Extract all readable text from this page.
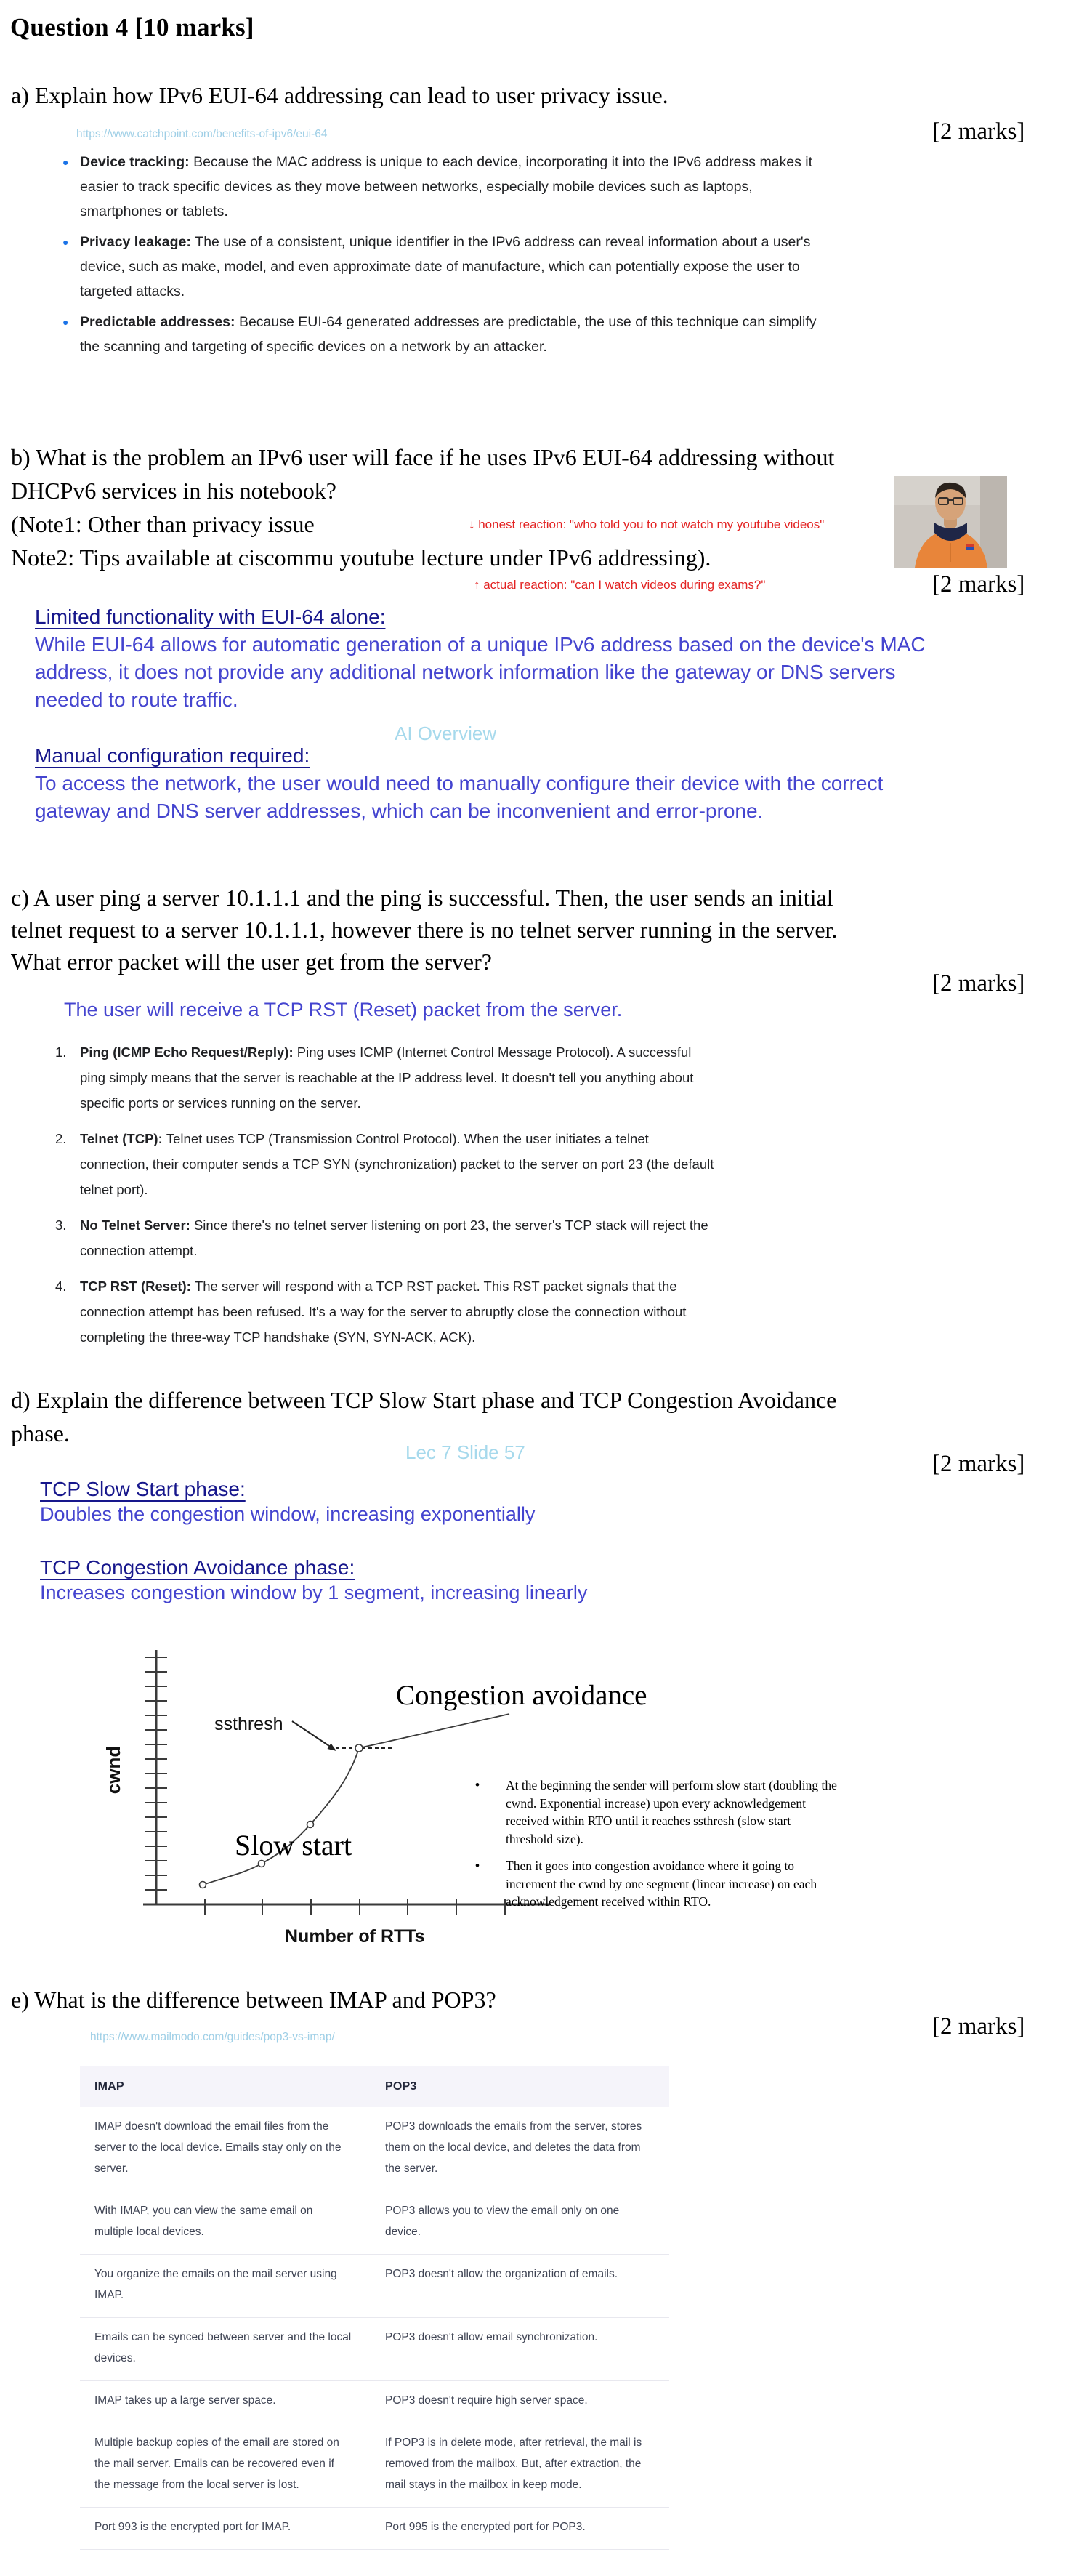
Question 4 [10 marks]
a) Explain how IPv6 EUI-64 addressing can lead to user privacy issue.
https://www.catchpoint.com/benefits-of-ipv6/eui-64	[2 marks]
● Device tracking: Because the MAC address is unique to each device, incorporating it into the IPv6 address makes it easier to track specific devices as they move between networks, especially mobile devices such as laptops, smartphones or tablets.
● Privacy leakage: The use of a consistent, unique identifier in the IPv6 address can reveal information about a user's device, such as make, model, and even approximate date of manufacture, which can potentially expose the user to targeted attacks.
● Predictable addresses: Because EUI-64 generated addresses are predictable, the use of this technique can simplify the scanning and targeting of specific devices on a network by an attacker.
b) What is the problem an IPv6 user will face if he uses IPv6 EUI-64 addressing without
DHCPv6 services in his notebook?
(Note1: Other than privacy issue
Note2: Tips available at ciscommu youtube lecture under IPv6 addressing).
↓ honest reaction: "who told you to not watch my youtube videos"
↑ actual reaction: "can I watch videos during exams?"	[2 marks]
Limited functionality with EUI-64 alone:
While EUI-64 allows for automatic generation of a unique IPv6 address based on the device's MAC address, it does not provide any additional network information like the gateway or DNS servers needed to route traffic.
AI Overview
Manual configuration required:
To access the network, the user would need to manually configure their device with the correct gateway and DNS server addresses, which can be inconvenient and error-prone.
c) A user ping a server 10.1.1.1 and the ping is successful. Then, the user sends an initial
telnet request to a server 10.1.1.1, however there is no telnet server running in the server.
What error packet will the user get from the server?
[2 marks]
The user will receive a TCP RST (Reset) packet from the server.
1.	Ping (ICMP Echo Request/Reply): Ping uses ICMP (Internet Control Message Protocol). A successful ping simply means that the server is reachable at the IP address level. It doesn't tell you anything about specific ports or services running on the server.
2.	Telnet (TCP): Telnet uses TCP (Transmission Control Protocol). When the user initiates a telnet connection, their computer sends a TCP SYN (synchronization) packet to the server on port 23 (the default telnet port).
3.	No Telnet Server: Since there's no telnet server listening on port 23, the server's TCP stack will reject the connection attempt.
4.	TCP RST (Reset): The server will respond with a TCP RST packet. This RST packet signals that the connection attempt has been refused. It's a way for the server to abruptly close the connection without completing the three-way TCP handshake (SYN, SYN-ACK, ACK).
d) Explain the difference between TCP Slow Start phase and TCP Congestion Avoidance
phase.
Lec 7 Slide 57	[2 marks]
TCP Slow Start phase:
Doubles the congestion window, increasing exponentially
TCP Congestion Avoidance phase:
Increases congestion window by 1 segment, increasing linearly
ssthresh
Congestion avoidance
Slow start
cwnd
Number of RTTs
•	At the beginning the sender will perform slow start (doubling the cwnd. Exponential increase) upon every acknowledgement received within RTO until it reaches ssthresh (slow start threshold size).
•	Then it goes into congestion avoidance where it going to increment the cwnd by one segment (linear increase) on each acknowledgement received within RTO.
e) What is the difference between IMAP and POP3?
[2 marks]
https://www.mailmodo.com/guides/pop3-vs-imap/
IMAP	POP3
IMAP doesn't download the email files from the server to the local device. Emails stay only on the server.	POP3 downloads the emails from the server, stores them on the local device, and deletes the data from the server.
With IMAP, you can view the same email on multiple local devices.	POP3 allows you to view the email only on one device.
You organize the emails on the mail server using IMAP.	POP3 doesn't allow the organization of emails.
Emails can be synced between server and the local devices.	POP3 doesn't allow email synchronization.
IMAP takes up a large server space.	POP3 doesn't require high server space.
Multiple backup copies of the email are stored on the mail server. Emails can be recovered even if the message from the local server is lost.	If POP3 is in delete mode, after retrieval, the mail is removed from the mailbox. But, after extraction, the mail stays in the mailbox in keep mode.
Port 993 is the encrypted port for IMAP.	Port 995 is the encrypted port for POP3.
